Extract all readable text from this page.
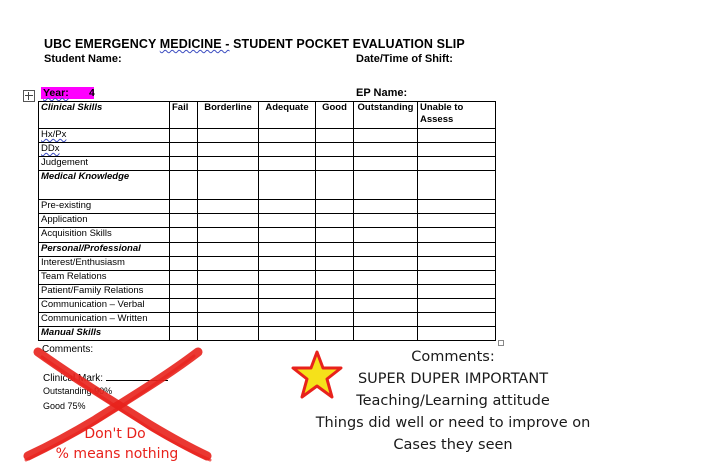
UBC EMERGENCY MEDICINE - STUDENT POCKET EVALUATION SLIP
Student Name:	Date/Time of Shift:
Year: 4	EP Name:
Clinical Skills	Fail	Borderline	Adequate	Good	Outstanding	Unable to Assess
Hx/Px						
DDx						
Judgement						
Medical Knowledge						
Pre-existing						
Application						
Acquisition Skills						
Personal/Professional						
Interest/Enthusiasm						
Team Relations						
Patient/Family Relations						
Communication – Verbal						
Communication – Written						
Manual Skills						
Comments:
Clinical Mark:
Outstanding 90%
Good 75%
Don't Do
% means nothing
Comments:
SUPER DUPER IMPORTANT
Teaching/Learning attitude
Things did well or need to improve on
Cases they seen
